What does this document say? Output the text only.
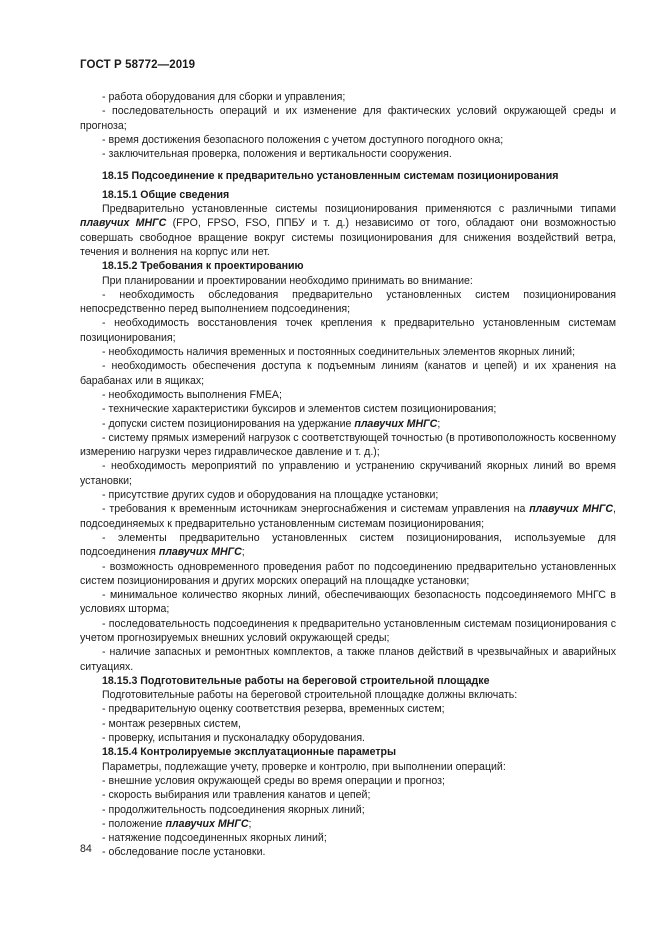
ГОСТ Р 58772—2019

- работа оборудования для сборки и управления;

- последовательность операций и их изменение для фактических условий окружающей среды и прогноза;

- время достижения безопасного положения с учетом доступного погодного окна;

- заключительная проверка, положения и вертикальности сооружения.

18.15 Подсоединение к предварительно установленным системам позиционирования

18.15.1 Общие сведения

Предварительно установленные системы позиционирования применяются с различными типами плавучих МНГС (FPO, FPSO, FSO, ППБУ и т. д.) независимо от того, обладают они возможностью совершать свободное вращение вокруг системы позиционирования для снижения воздействий ветра, течения и волнения на корпус или нет.

18.15.2 Требования к проектированию

При планировании и проектировании необходимо принимать во внимание:

- необходимость обследования предварительно установленных систем позиционирования непосредственно перед выполнением подсоединения;

- необходимость восстановления точек крепления к предварительно установленным системам позиционирования;

- необходимость наличия временных и постоянных соединительных элементов якорных линий;

- необходимость обеспечения доступа к подъемным линиям (канатов и цепей) и их хранения на барабанах или в ящиках;

- необходимость выполнения FMEA;

- технические характеристики буксиров и элементов систем позиционирования;

- допуски систем позиционирования на удержание плавучих МНГС;

- систему прямых измерений нагрузок с соответствующей точностью (в противоположность косвенному измерению нагрузки через гидравлическое давление и т. д.);

- необходимость мероприятий по управлению и устранению скручиваний якорных линий во время установки;

- присутствие других судов и оборудования на площадке установки;

- требования к временным источникам энергоснабжения и системам управления на плавучих МНГС, подсоединяемых к предварительно установленным системам позиционирования;

- элементы предварительно установленных систем позиционирования, используемые для подсоединения плавучих МНГС;

- возможность одновременного проведения работ по подсоединению предварительно установленных систем позиционирования и других морских операций на площадке установки;

- минимальное количество якорных линий, обеспечивающих безопасность подсоединяемого МНГС в условиях шторма;

- последовательность подсоединения к предварительно установленным системам позиционирования с учетом прогнозируемых внешних условий окружающей среды;

- наличие запасных и ремонтных комплектов, а также планов действий в чрезвычайных и аварийных ситуациях.

18.15.3 Подготовительные работы на береговой строительной площадке

Подготовительные работы на береговой строительной площадке должны включать:

- предварительную оценку соответствия резерва, временных систем;

- монтаж резервных систем,

- проверку, испытания и пусконаладку оборудования.

18.15.4 Контролируемые эксплуатационные параметры

Параметры, подлежащие учету, проверке и контролю, при выполнении операций:

- внешние условия окружающей среды во время операции и прогноз;

- скорость выбирания или травления канатов и цепей;

- продолжительность подсоединения якорных линий;

- положение плавучих МНГС;

- натяжение подсоединенных якорных линий;

- обследование после установки.

84
